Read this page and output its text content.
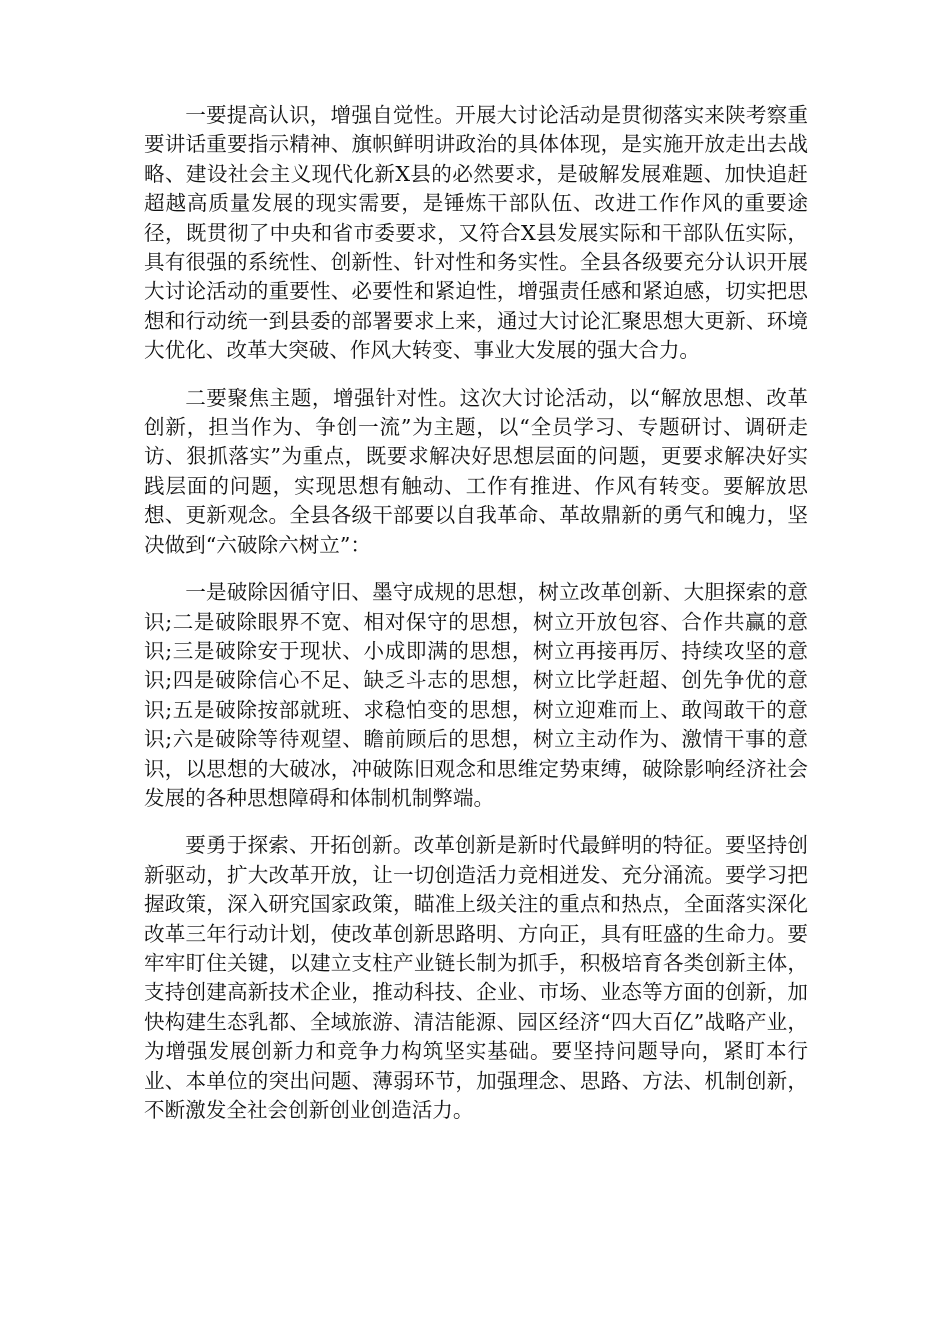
一要提高认识，增强自觉性。开展大讨论活动是贯彻落实来陕考察重要讲话重要指示精神、旗帜鲜明讲政治的具体体现，是实施开放走出去战略、建设社会主义现代化新X县的必然要求，是破解发展难题、加快追赶超越高质量发展的现实需要，是锤炼干部队伍、改进工作作风的重要途径，既贯彻了中央和省市委要求，又符合X县发展实际和干部队伍实际，具有很强的系统性、创新性、针对性和务实性。全县各级要充分认识开展大讨论活动的重要性、必要性和紧迫性，增强责任感和紧迫感，切实把思想和行动统一到县委的部署要求上来，通过大讨论汇聚思想大更新、环境大优化、改革大突破、作风大转变、事业大发展的强大合力。

二要聚焦主题，增强针对性。这次大讨论活动，以“解放思想、改革创新，担当作为、争创一流”为主题，以“全员学习、专题研讨、调研走访、狠抓落实”为重点，既要求解决好思想层面的问题，更要求解决好实践层面的问题，实现思想有触动、工作有推进、作风有转变。要解放思想、更新观念。全县各级干部要以自我革命、革故鼎新的勇气和魄力，坚决做到“六破除六树立”：

一是破除因循守旧、墨守成规的思想，树立改革创新、大胆探索的意识;二是破除眼界不宽、相对保守的思想，树立开放包容、合作共赢的意识;三是破除安于现状、小成即满的思想，树立再接再厉、持续攻坚的意识;四是破除信心不足、缺乏斗志的思想，树立比学赶超、创先争优的意识;五是破除按部就班、求稳怕变的思想，树立迎难而上、敢闯敢干的意识;六是破除等待观望、瞻前顾后的思想，树立主动作为、激情干事的意识，以思想的大破冰，冲破陈旧观念和思维定势束缚，破除影响经济社会发展的各种思想障碍和体制机制弊端。

要勇于探索、开拓创新。改革创新是新时代最鲜明的特征。要坚持创新驱动，扩大改革开放，让一切创造活力竞相迸发、充分涌流。要学习把握政策，深入研究国家政策，瞄准上级关注的重点和热点，全面落实深化改革三年行动计划，使改革创新思路明、方向正，具有旺盛的生命力。要牢牢盯住关键，以建立支柱产业链长制为抓手，积极培育各类创新主体，支持创建高新技术企业，推动科技、企业、市场、业态等方面的创新，加快构建生态乳都、全域旅游、清洁能源、园区经济“四大百亿”战略产业，为增强发展创新力和竞争力构筑坚实基础。要坚持问题导向，紧盯本行业、本单位的突出问题、薄弱环节，加强理念、思路、方法、机制创新，不断激发全社会创新创业创造活力。
